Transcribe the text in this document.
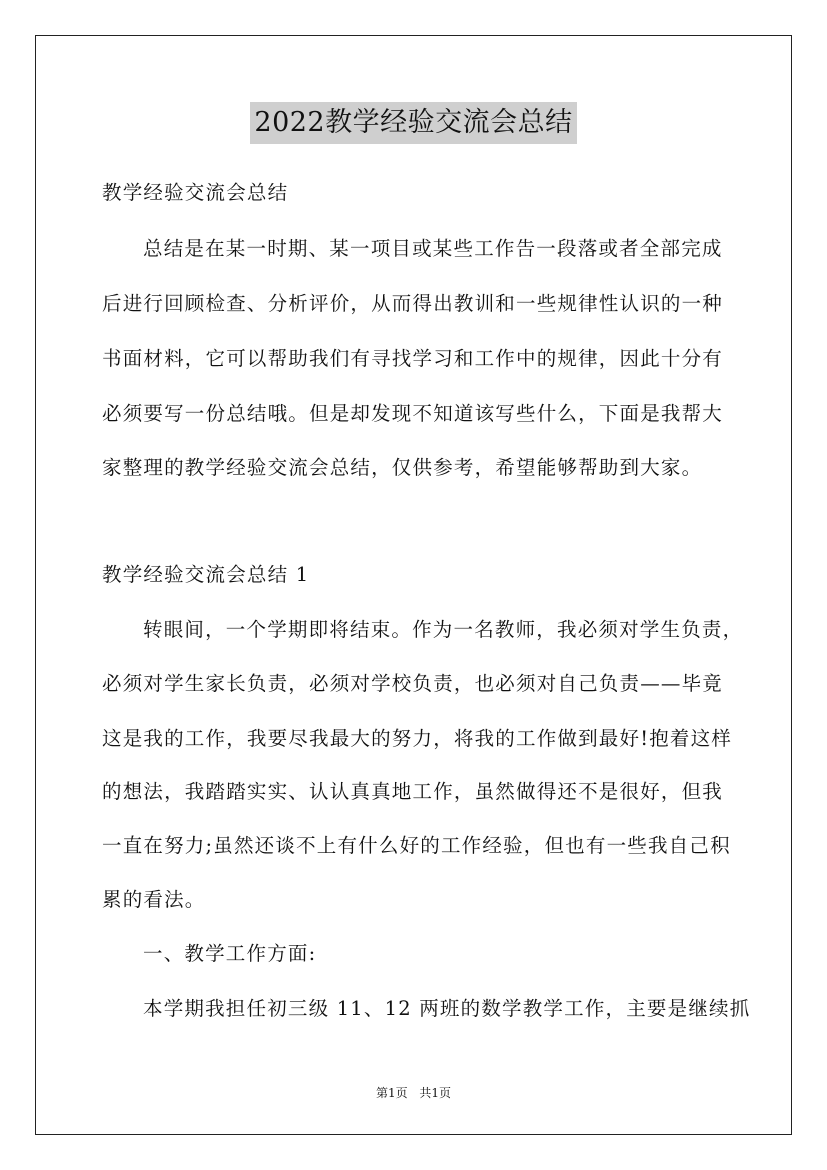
2022教学经验交流会总结
教学经验交流会总结
总结是在某一时期、某一项目或某些工作告一段落或者全部完成
后进行回顾检查、分析评价，从而得出教训和一些规律性认识的一种
书面材料，它可以帮助我们有寻找学习和工作中的规律，因此十分有
必须要写一份总结哦。但是却发现不知道该写些什么，下面是我帮大
家整理的教学经验交流会总结，仅供参考，希望能够帮助到大家。
教学经验交流会总结 1
转眼间，一个学期即将结束。作为一名教师，我必须对学生负责，
必须对学生家长负责，必须对学校负责，也必须对自己负责——毕竟
这是我的工作，我要尽我最大的努力，将我的工作做到最好!抱着这样
的想法，我踏踏实实、认认真真地工作，虽然做得还不是很好，但我
一直在努力;虽然还谈不上有什么好的工作经验，但也有一些我自己积
累的看法。
一、教学工作方面:
本学期我担任初三级 11、12 两班的数学教学工作，主要是继续抓
第1页 共1页
